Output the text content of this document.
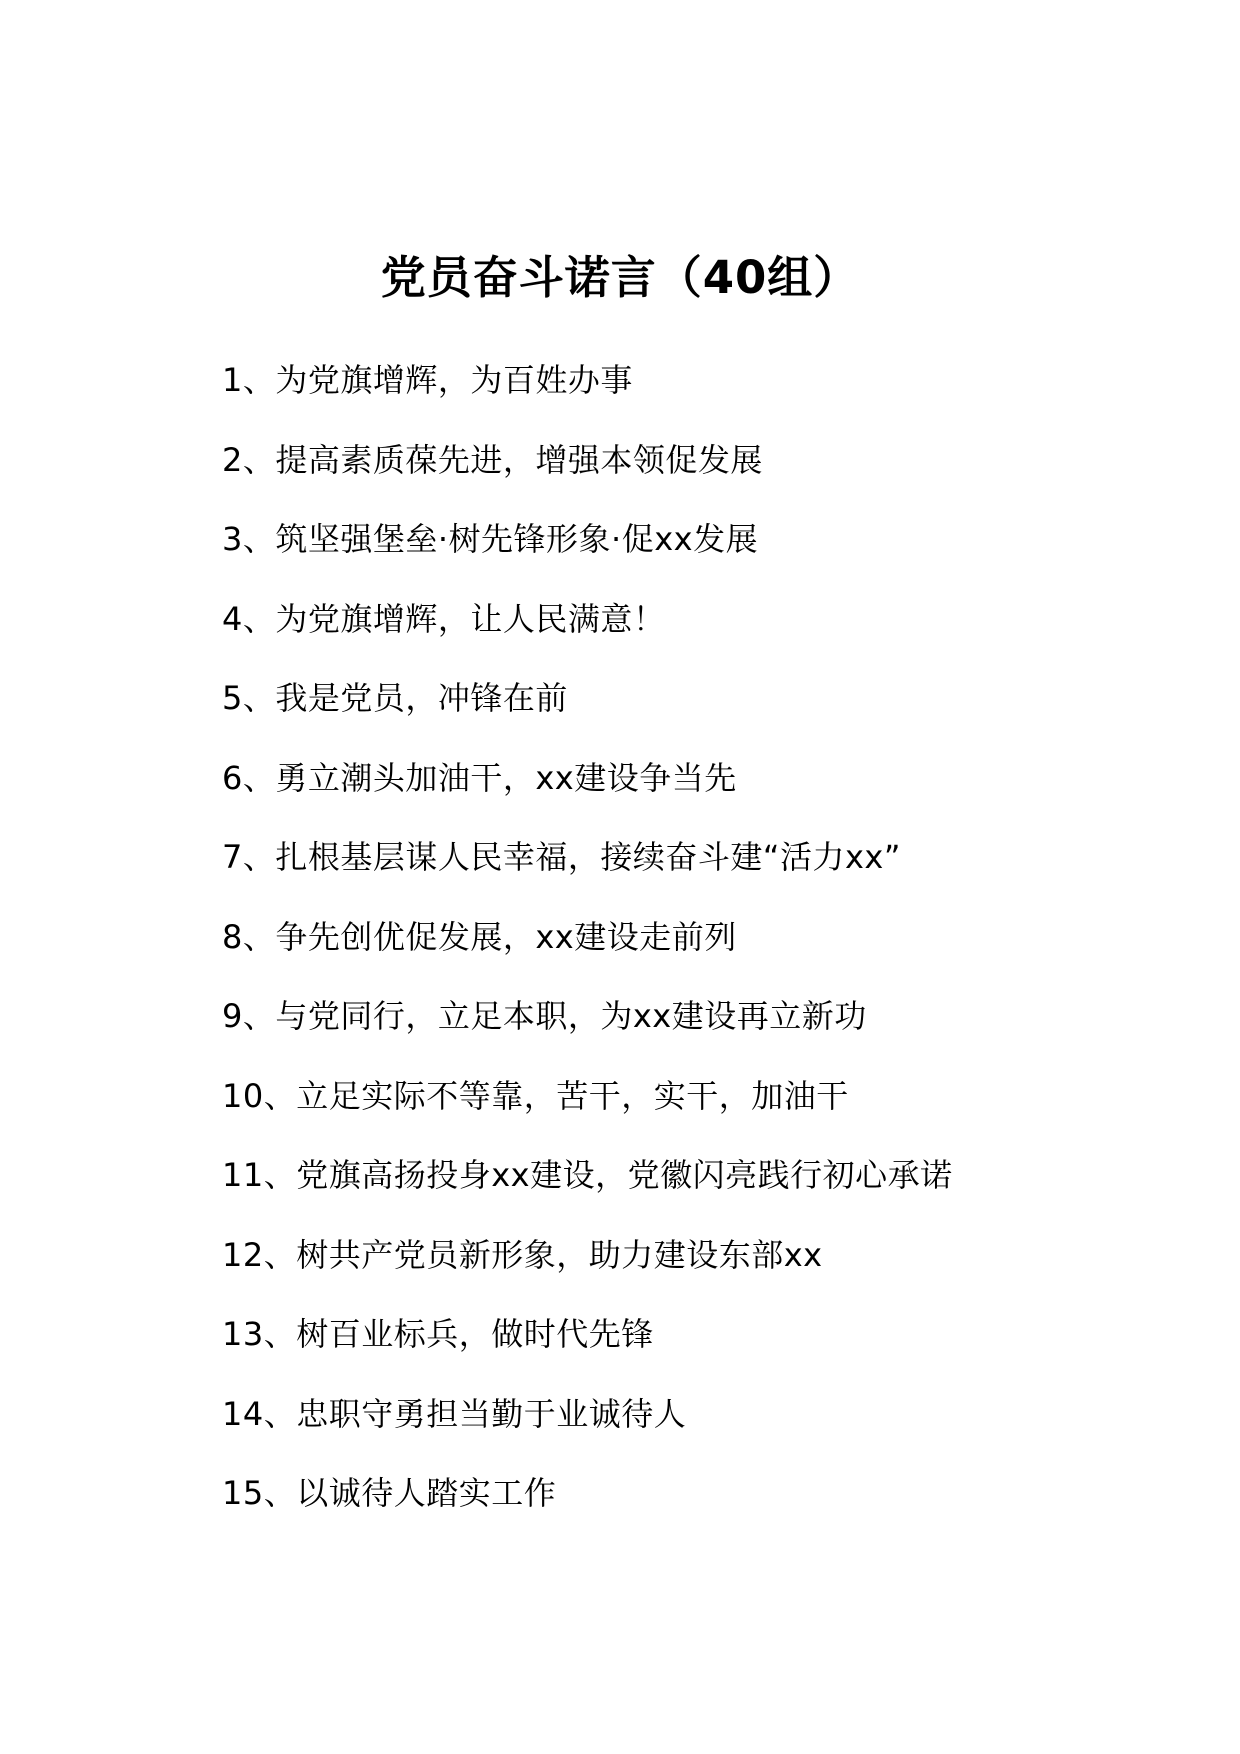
党员奋斗诺言（40组）
1、为党旗增辉，为百姓办事
2、提高素质葆先进，增强本领促发展
3、筑坚强堡垒·树先锋形象·促xx发展
4、为党旗增辉，让人民满意！
5、我是党员，冲锋在前
6、勇立潮头加油干，xx建设争当先
7、扎根基层谋人民幸福，接续奋斗建“活力xx”
8、争先创优促发展，xx建设走前列
9、与党同行，立足本职，为xx建设再立新功
10、立足实际不等靠，苦干，实干，加油干
11、党旗高扬投身xx建设，党徽闪亮践行初心承诺
12、树共产党员新形象，助力建设东部xx
13、树百业标兵，做时代先锋
14、忠职守勇担当勤于业诚待人
15、以诚待人踏实工作
